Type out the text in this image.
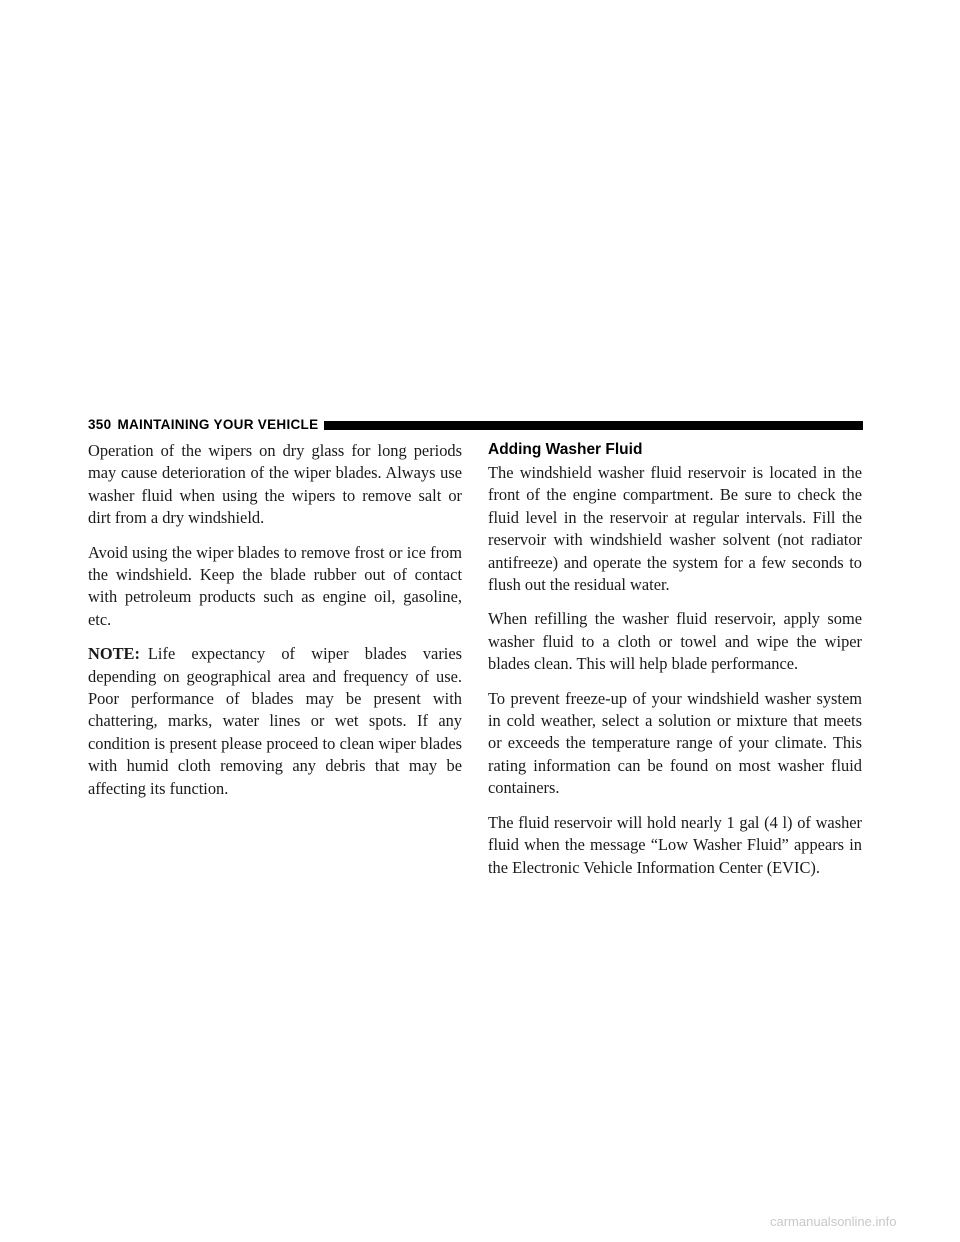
350 MAINTAINING YOUR VEHICLE

Operation of the wipers on dry glass for long periods may cause deterioration of the wiper blades. Always use washer fluid when using the wipers to remove salt or dirt from a dry windshield.

Avoid using the wiper blades to remove frost or ice from the windshield. Keep the blade rubber out of contact with petroleum products such as engine oil, gasoline, etc.

NOTE: Life expectancy of wiper blades varies depending on geographical area and frequency of use. Poor performance of blades may be present with chattering, marks, water lines or wet spots. If any condition is present please proceed to clean wiper blades with humid cloth removing any debris that may be affecting its function.

Adding Washer Fluid

The windshield washer fluid reservoir is located in the front of the engine compartment. Be sure to check the fluid level in the reservoir at regular intervals. Fill the reservoir with windshield washer solvent (not radiator antifreeze) and operate the system for a few seconds to flush out the residual water.

When refilling the washer fluid reservoir, apply some washer fluid to a cloth or towel and wipe the wiper blades clean. This will help blade performance.

To prevent freeze-up of your windshield washer system in cold weather, select a solution or mixture that meets or exceeds the temperature range of your climate. This rating information can be found on most washer fluid containers.

The fluid reservoir will hold nearly 1 gal (4 l) of washer fluid when the message “Low Washer Fluid” appears in the Electronic Vehicle Information Center (EVIC).

carmanualsonline.info
